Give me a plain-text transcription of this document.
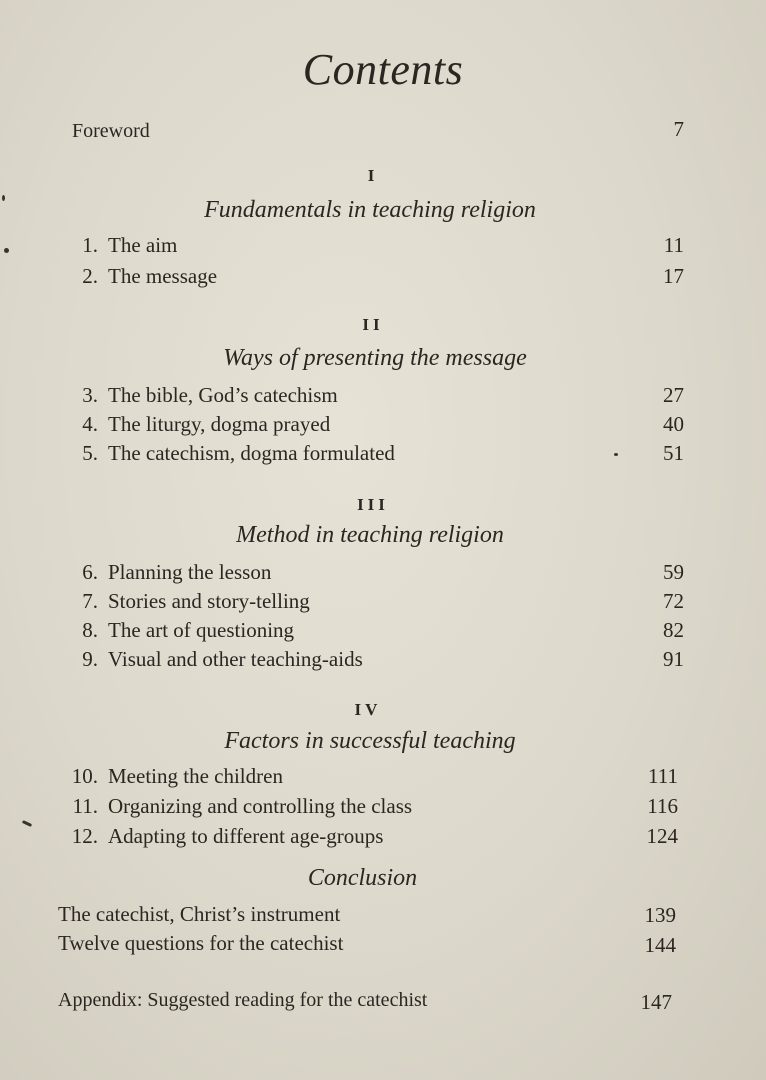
Contents
Foreword	7
I
Fundamentals in teaching religion
1. The aim	11
2. The message	17
II
Ways of presenting the message
3. The bible, God’s catechism	27
4. The liturgy, dogma prayed	40
5. The catechism, dogma formulated	51
III
Method in teaching religion
6. Planning the lesson	59
7. Stories and story-telling	72
8. The art of questioning	82
9. Visual and other teaching-aids	91
IV
Factors in successful teaching
10. Meeting the children	111
11. Organizing and controlling the class	116
12. Adapting to different age-groups	124
Conclusion
The catechist, Christ’s instrument	139
Twelve questions for the catechist	144
Appendix: Suggested reading for the catechist	147
